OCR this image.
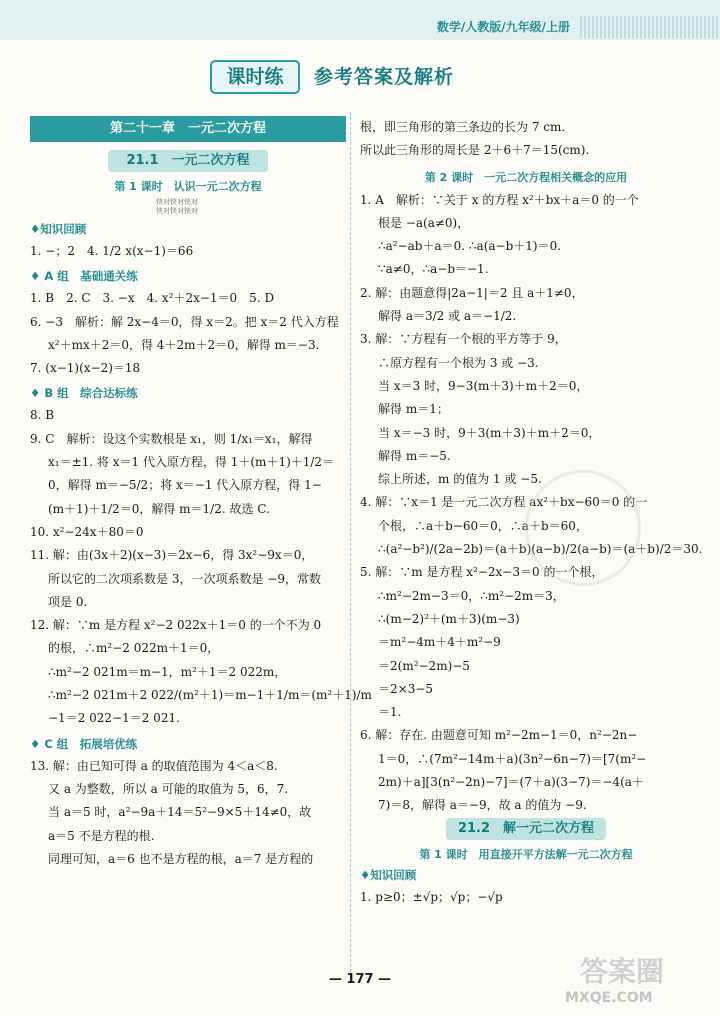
数学/人教版/九年级/上册
课时练	参考答案及解析
第二十一章　一元二次方程
21.1　一元二次方程
第 1 课时　认识一元二次方程
快对快对快对
快对快对快对
♦知识回顾
1. −；2　4. 1/2 x(x−1)＝66
♦ A 组　基础通关练
1. B　2. C　3. −x　4. x²＋2x−1＝0　5. D
6. −3　解析：解 2x−4＝0，得 x＝2。把 x＝2 代入方程
x²＋mx＋2＝0，得 4＋2m＋2＝0，解得 m＝−3.
7. (x−1)(x−2)＝18
♦ B 组　综合达标练
8. B
9. C　解析：设这个实数根是 x₁，则 1/x₁＝x₁，解得
x₁＝±1. 将 x＝1 代入原方程，得 1＋(m＋1)＋1/2＝
0，解得 m＝−5/2；将 x＝−1 代入原方程，得 1−
(m＋1)＋1/2＝0，解得 m＝1/2. 故选 C.
10. x²−24x＋80＝0
11. 解：由(3x＋2)(x−3)＝2x−6，得 3x²−9x＝0，
所以它的二次项系数是 3，一次项系数是 −9，常数
项是 0.
12. 解：∵m 是方程 x²−2 022x＋1＝0 的一个不为 0
的根，∴m²−2 022m＋1＝0，
∴m²−2 021m＝m−1，m²＋1＝2 022m，
∴m²−2 021m＋2 022/(m²＋1)＝m−1＋1/m＝(m²＋1)/m
−1＝2 022−1＝2 021.
♦ C 组　拓展培优练
13. 解：由已知可得 a 的取值范围为 4＜a＜8.
又 a 为整数，所以 a 可能的取值为 5，6，7.
当 a＝5 时，a²−9a＋14＝5²−9×5＋14≠0，故
a＝5 不是方程的根.
同理可知，a＝6 也不是方程的根，a＝7 是方程的
根，即三角形的第三条边的长为 7 cm.
所以此三角形的周长是 2＋6＋7＝15(cm).
第 2 课时　一元二次方程相关概念的应用
1. A　解析：∵关于 x 的方程 x²＋bx＋a＝0 的一个
根是 −a(a≠0)，
∴a²−ab＋a＝0. ∴a(a−b＋1)＝0.
∵a≠0，∴a−b＝−1.
2. 解：由题意得|2a−1|＝2 且 a＋1≠0，
解得 a＝3/2 或 a＝−1/2.
3. 解：∵方程有一个根的平方等于 9，
∴原方程有一个根为 3 或 −3.
当 x＝3 时，9−3(m＋3)＋m＋2＝0，
解得 m＝1；
当 x＝−3 时，9＋3(m＋3)＋m＋2＝0，
解得 m＝−5.
综上所述，m 的值为 1 或 −5.
4. 解：∵x＝1 是一元二次方程 ax²＋bx−60＝0 的一
个根，∴a＋b−60＝0，∴a＋b＝60，
∴(a²−b²)/(2a−2b)＝(a＋b)(a−b)/2(a−b)＝(a＋b)/2＝30.
5. 解：∵m 是方程 x²−2x−3＝0 的一个根，
∴m²−2m−3＝0，∴m²−2m＝3，
∴(m−2)²＋(m＋3)(m−3)
＝m²−4m＋4＋m²−9
＝2(m²−2m)−5
＝2×3−5
＝1.
6. 解：存在. 由题意可知 m²−2m−1＝0，n²−2n−
1＝0，∴(7m²−14m＋a)(3n²−6n−7)＝[7(m²−
2m)＋a][3(n²−2n)−7]＝(7＋a)(3−7)＝−4(a＋
7)＝8，解得 a＝−9，故 a 的值为 −9.
21.2　解一元二次方程
第 1 课时　用直接开平方法解一元二次方程
♦知识回顾
1. p≥0；±√p；√p；−√p

— 177 —	答案圈
MXQE.COM
